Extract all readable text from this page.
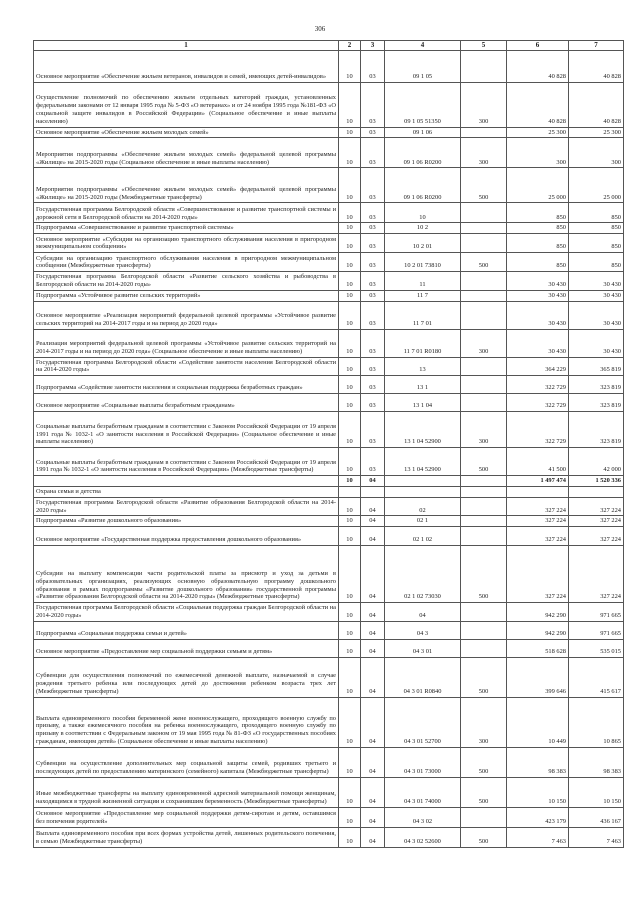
306
1	2	3	4	5	6	7
Основное мероприятие «Обеспечение жильем ветеранов, инвалидов и семей, имеющих детей-инвалидов»	10	03	09 1 05		40 828	40 828
Осуществление полномочий по обеспечению жильем отдельных категорий граждан, установленных федеральными законами от 12 января 1995 года № 5-ФЗ «О ветеранах» и от 24 ноября 1995 года №181-ФЗ «О социальной защите инвалидов в Российской Федерации» (Социальное обеспечение и иные выплаты населению)	10	03	09 1 05 51350	300	40 828	40 828
Основное мероприятие «Обеспечение жильем молодых семей»	10	03	09 1 06		25 300	25 300
Мероприятия подпрограммы «Обеспечение жильем молодых семей» федеральной целевой программы «Жилище» на 2015-2020 годы (Социальное обеспечение и иные выплаты населению)	10	03	09 1 06 R0200	300	300	300
Мероприятия подпрограммы «Обеспечение жильем молодых семей» федеральной целевой программы «Жилище» на 2015-2020 годы (Межбюджетные трансферты)	10	03	09 1 06 R0200	500	25 000	25 000
Государственная программа Белгородской области «Совершенствование и развитие транспортной системы и дорожной сети в Белгородской области на 2014-2020 годы»	10	03	10		850	850
Подпрограмма «Совершенствование и развитие транспортной системы»	10	03	10 2		850	850
Основное мероприятие «Субсидии на организацию транспортного обслуживания населения в пригородном межмуниципальном сообщении»	10	03	10 2 01		850	850
Субсидии на организацию транспортного обслуживания населения в пригородном межмуниципальном сообщении (Межбюджетные трансферты)	10	03	10 2 01 73810	500	850	850
Государственная программа Белгородской области «Развитие сельского хозяйства и рыбоводства в Белгородской области на 2014-2020 годы»	10	03	11		30 430	30 430
Подпрограмма «Устойчивое развитие сельских территорий»	10	03	11 7		30 430	30 430
Основное мероприятие «Реализация мероприятий федеральной целевой программы «Устойчивое развитие сельских территорий на 2014-2017 годы и на период до 2020 года»	10	03	11 7 01		30 430	30 430
Реализация мероприятий федеральной целевой программы «Устойчивое развитие сельских территорий на 2014-2017 годы и на период до 2020 года» (Социальное обеспечение и иные выплаты населению)	10	03	11 7 01 R0180	300	30 430	30 430
Государственная программа Белгородской области «Содействие занятости населения Белгородской области на 2014-2020 годы»	10	03	13		364 229	365 819
Подпрограмма «Содействие занятости населения и социальная поддержка безработных граждан»	10	03	13 1		322 729	323 819
Основное мероприятие «Социальные выплаты безработным гражданам»	10	03	13 1 04		322 729	323 819
Социальные выплаты безработным гражданам в соответствии с Законом Российской Федерации от 19 апреля 1991 года № 1032-1 «О занятости населения в Российской Федерации» (Социальное обеспечение и иные выплаты населению)	10	03	13 1 04 52900	300	322 729	323 819
Социальные выплаты безработным гражданам в соответствии с Законом Российской Федерации от 19 апреля 1991 года № 1032-1 «О занятости населения в Российской Федерации» (Межбюджетные трансферты)	10	03	13 1 04 52900	500	41 500	42 000
	10	04			1 497 474	1 520 336
Охрана семьи и детства						
Государственная программа Белгородской области «Развитие образования Белгородской области на 2014-2020 годы»	10	04	02		327 224	327 224
Подпрограмма «Развитие дошкольного образования»	10	04	02 1		327 224	327 224
Основное мероприятие «Государственная поддержка предоставления дошкольного образования»	10	04	02 1 02		327 224	327 224
Субсидии на выплату компенсации части родительской платы за присмотр и уход за детьми в образовательных организациях, реализующих основную образовательную программу дошкольного образования в рамках подпрограммы «Развитие дошкольного образования» государственной программы «Развитие образования Белгородской области на 2014-2020 годы» (Межбюджетные трансферты)	10	04	02 1 02 73030	500	327 224	327 224
Государственная программа Белгородской области «Социальная поддержка граждан Белгородской области на 2014-2020 годы»	10	04	04		942 290	971 665
Подпрограмма «Социальная поддержка семьи и детей»	10	04	04 3		942 290	971 665
Основное мероприятие «Предоставление мер социальной поддержки семьям и детям»	10	04	04 3 01		518 628	535 015
Субвенции для осуществления полномочий по ежемесячной денежной выплате, назначаемой в случае рождения третьего ребенка или последующих детей до достижения ребенком возраста трех лет (Межбюджетные трансферты)	10	04	04 3 01 R0840	500	399 646	415 617
Выплата единовременного пособия беременной жене военнослужащего, проходящего военную службу по призыву, а также ежемесячного пособия на ребенка военнослужащего, проходящего военную службу по призыву в соответствии с Федеральным законом от 19 мая 1995 года № 81-ФЗ «О государственных пособиях гражданам, имеющим детей» (Социальное обеспечение и иные выплаты населению)	10	04	04 3 01 52700	300	10 449	10 865
Субвенции на осуществление дополнительных мер социальной защиты семей, родивших третьего и последующих детей по предоставлению материнского (семейного) капитала (Межбюджетные трансферты)	10	04	04 3 01 73000	500	98 383	98 383
Иные межбюджетные трансферты на выплату единовременной адресной материальной помощи женщинам, находящимся в трудной жизненной ситуации и сохранившим беременность (Межбюджетные трансферты)	10	04	04 3 01 74000	500	10 150	10 150
Основное мероприятие «Предоставление мер социальной поддержки детям-сиротам и детям, оставшимся без попечения родителей»	10	04	04 3 02		423 179	436 167
Выплата единовременного пособия при всех формах устройства детей, лишенных родительского попечения, в семью (Межбюджетные трансферты)	10	04	04 3 02 52600	500	7 463	7 463
